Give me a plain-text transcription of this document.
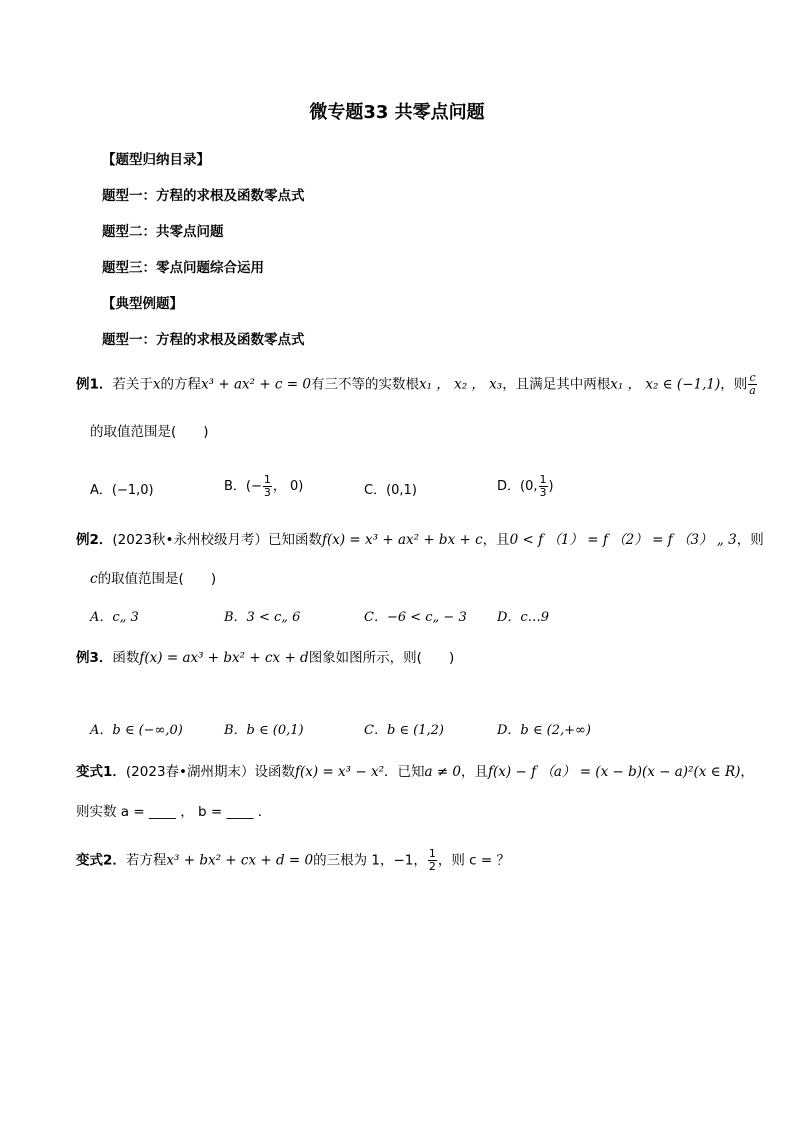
微专题33 共零点问题
【题型归纳目录】
题型一：方程的求根及函数零点式
题型二：共零点问题
题型三：零点问题综合运用
【典型例题】
题型一：方程的求根及函数零点式
例1．若关于x的方程x³ + ax² + c = 0有三不等的实数根x₁ ， x₂ ， x₃，且满足其中两根x₁ ， x₂ ∈ (−1,1)，则 $\frac{c}{a}$
的取值范围是(　　)
A．(−1,0)	B．(− $\frac{1}{3}$ ， 0)	C．(0,1)	D．(0, $\frac{1}{3}$ )
例2．(2023秋•永州校级月考）已知函数f(x) = x³ + ax² + bx + c，且0 < f （1） = f （2） = f （3） „ 3，则
c的取值范围是(　　)
A．c„ 3	B．3 < c„ 6	C．−6 < c„ − 3 D．c…9
例3．函数f(x) = ax³ + bx² + cx + d图象如图所示，则(　　)
A．b ∈ (−∞,0)	B．b ∈ (0,1)	C．b ∈ (1,2)	D．b ∈ (2,+∞)
变式1．(2023春•湖州期末）设函数f(x) = x³ − x²．已知a ≠ 0，且f(x) − f （a） = (x − b)(x − a)²(x ∈ R)，
则实数 a = ____ ， b = ____ ．
变式2．若方程x³ + bx² + cx + d = 0的三根为 1，−1， $\frac{1}{2}$ ，则 c = ？
